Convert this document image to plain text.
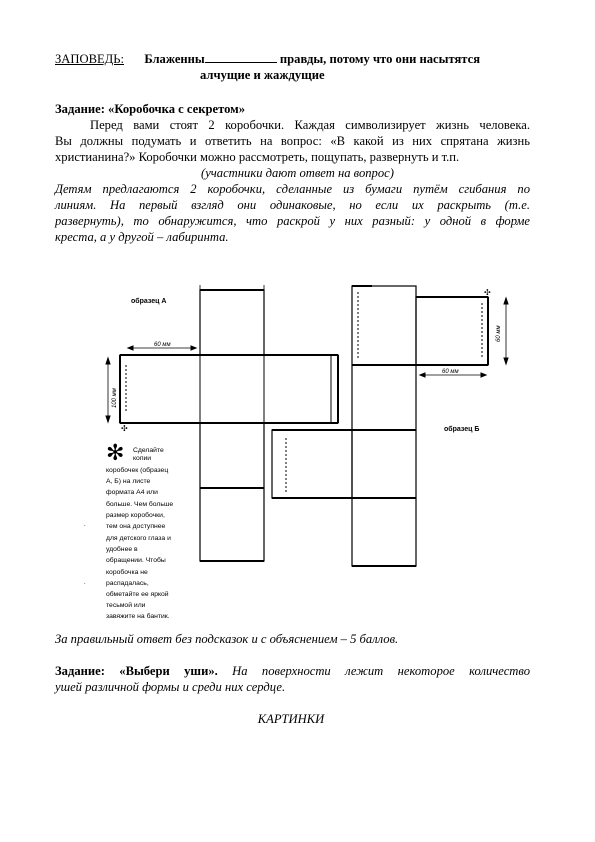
ЗАПОВЕДЬ: Блаженны	правды, потому что они насытятся
алчущие и жаждущие
Задание: «Коробочка с секретом»
Перед вами стоят 2 коробочки. Каждая символизирует жизнь человека.
Вы должны подумать и ответить на вопрос: «В какой из них спрятана жизнь
христианина?» Коробочки можно рассмотреть, пощупать, развернуть и т.п.
(участники дают ответ на вопрос)
Детям предлагаются 2 коробочки, сделанные из бумаги путём сгибания по
линиям. На первый взгляд они одинаковые, но если их раскрыть (т.е.
развернуть), то обнаружится, что раскрой у них разный: у одной в форме
креста, а у другой – лабиринта.
60 мм
100 мм
✣
60 мм
60 мм
✣
образец А
образец Б
✻ Сделайте
копии
коробочек (образец
А, Б) на листе
формата А4 или
больше. Чем больше
размер коробочки,
тем она доступнее
для детского глаза и
удобнее в
обращении. Чтобы
коробочка не
распадалась,
обметайте ее яркой
тесьмой или
завяжите на бантик.
.
.
За правильный ответ без подсказок и с объяснением – 5 баллов.
Задание: «Выбери уши». На поверхности лежит некоторое количество
ушей различной формы и среди них сердце.
КАРТИНКИ
